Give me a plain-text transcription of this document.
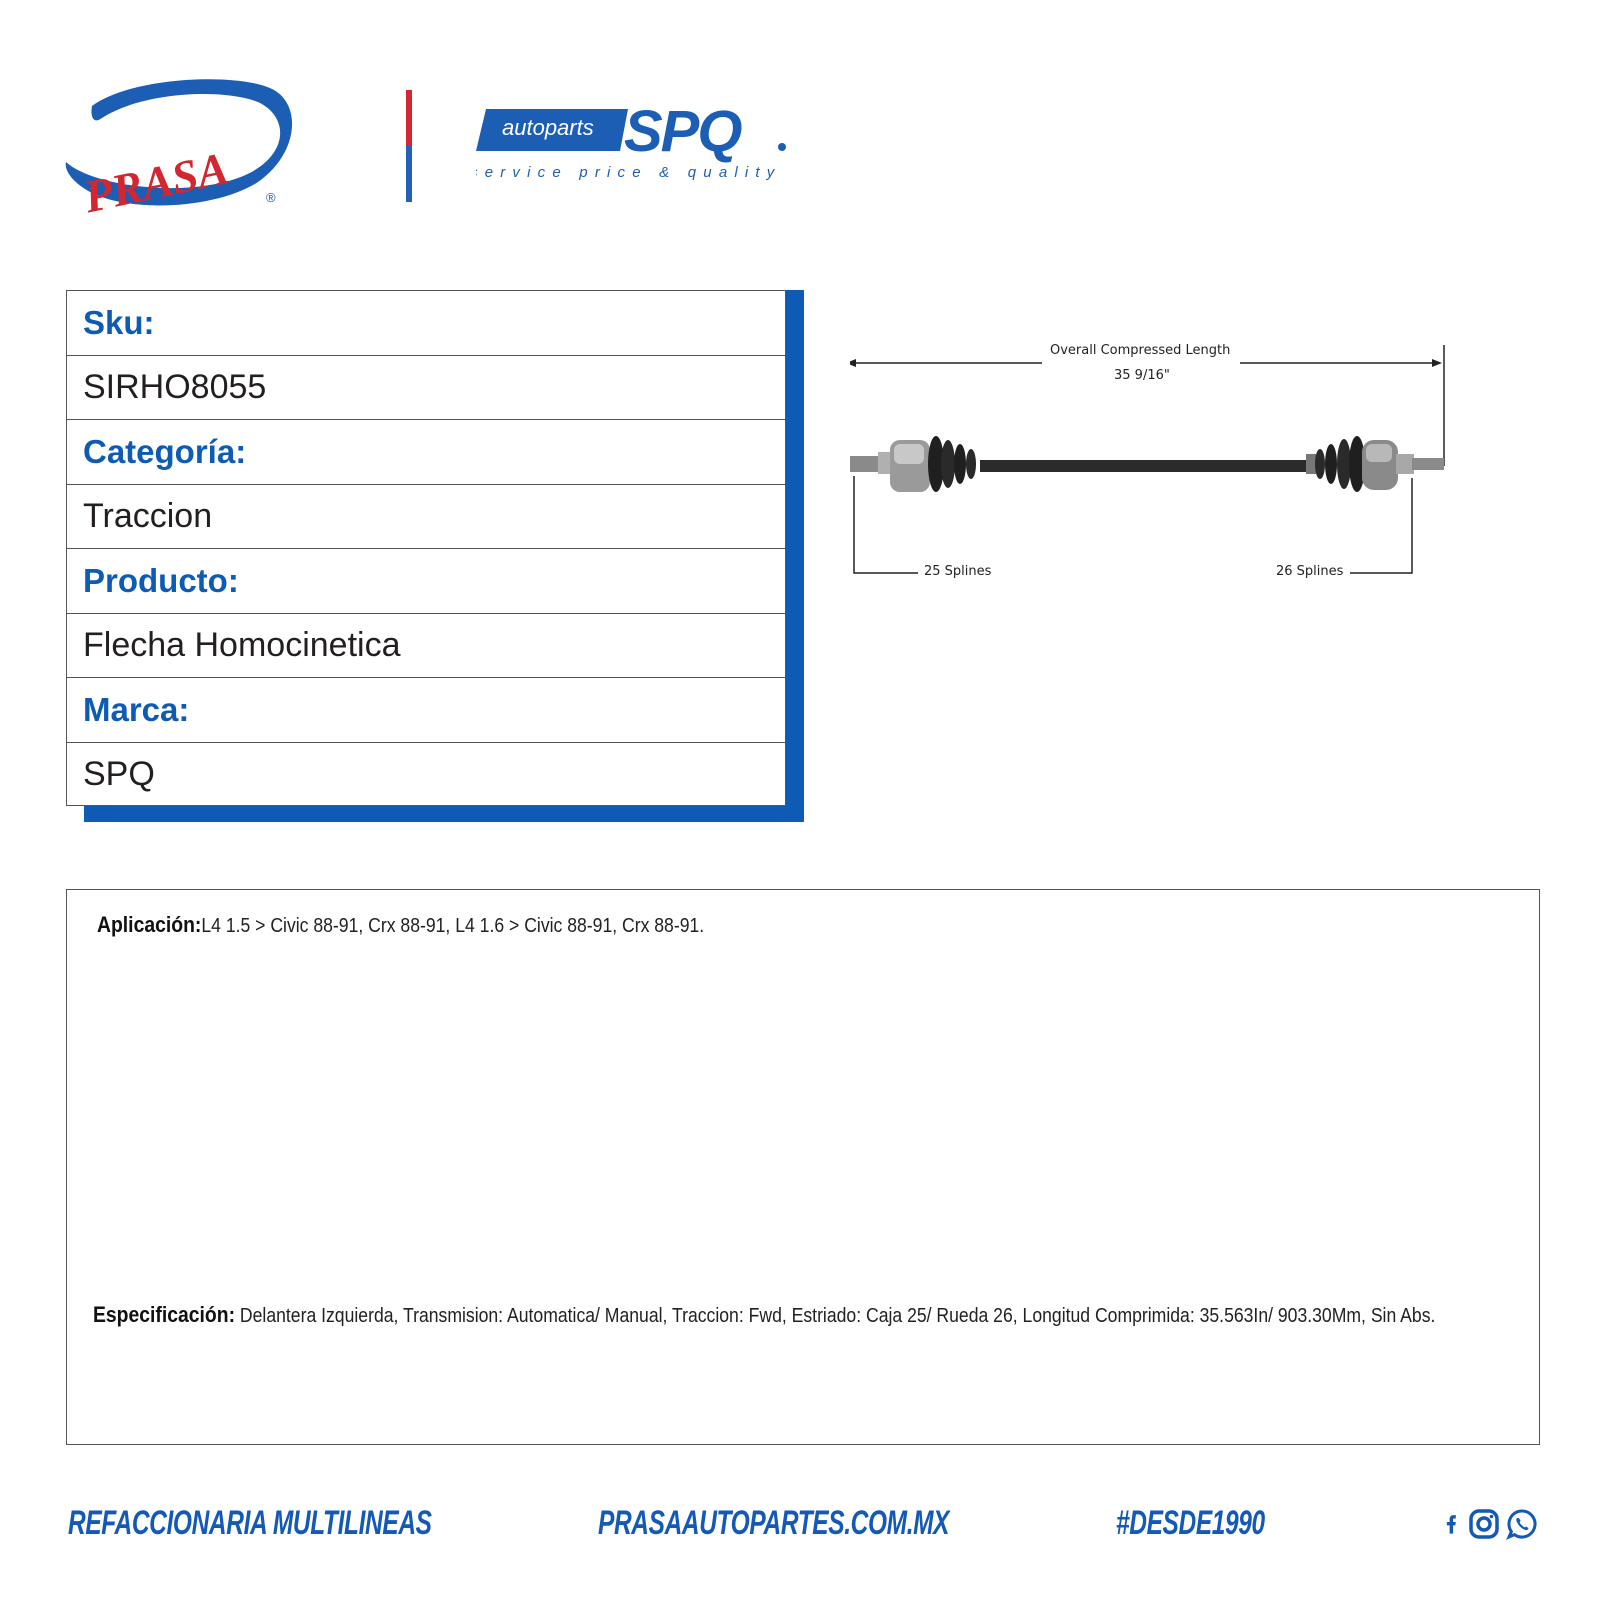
PRASA	®
autoparts SPQ
service price & quality
Sku:
SIRHO8055
Categoría:
Traccion
Producto:
Flecha Homocinetica
Marca:
SPQ
Overall Compressed Length
35 9/16"
25 Splines	26 Splines
Aplicación:L4 1.5 > Civic 88-91, Crx 88-91, L4 1.6 > Civic 88-91, Crx 88-91.
Especificación: Delantera Izquierda, Transmision: Automatica/ Manual, Traccion: Fwd, Estriado: Caja 25/ Rueda 26, Longitud Comprimida: 35.563In/ 903.30Mm, Sin Abs.
REFACCIONARIA MULTILINEAS	PRASAAUTOPARTES.COM.MX	#DESDE1990
